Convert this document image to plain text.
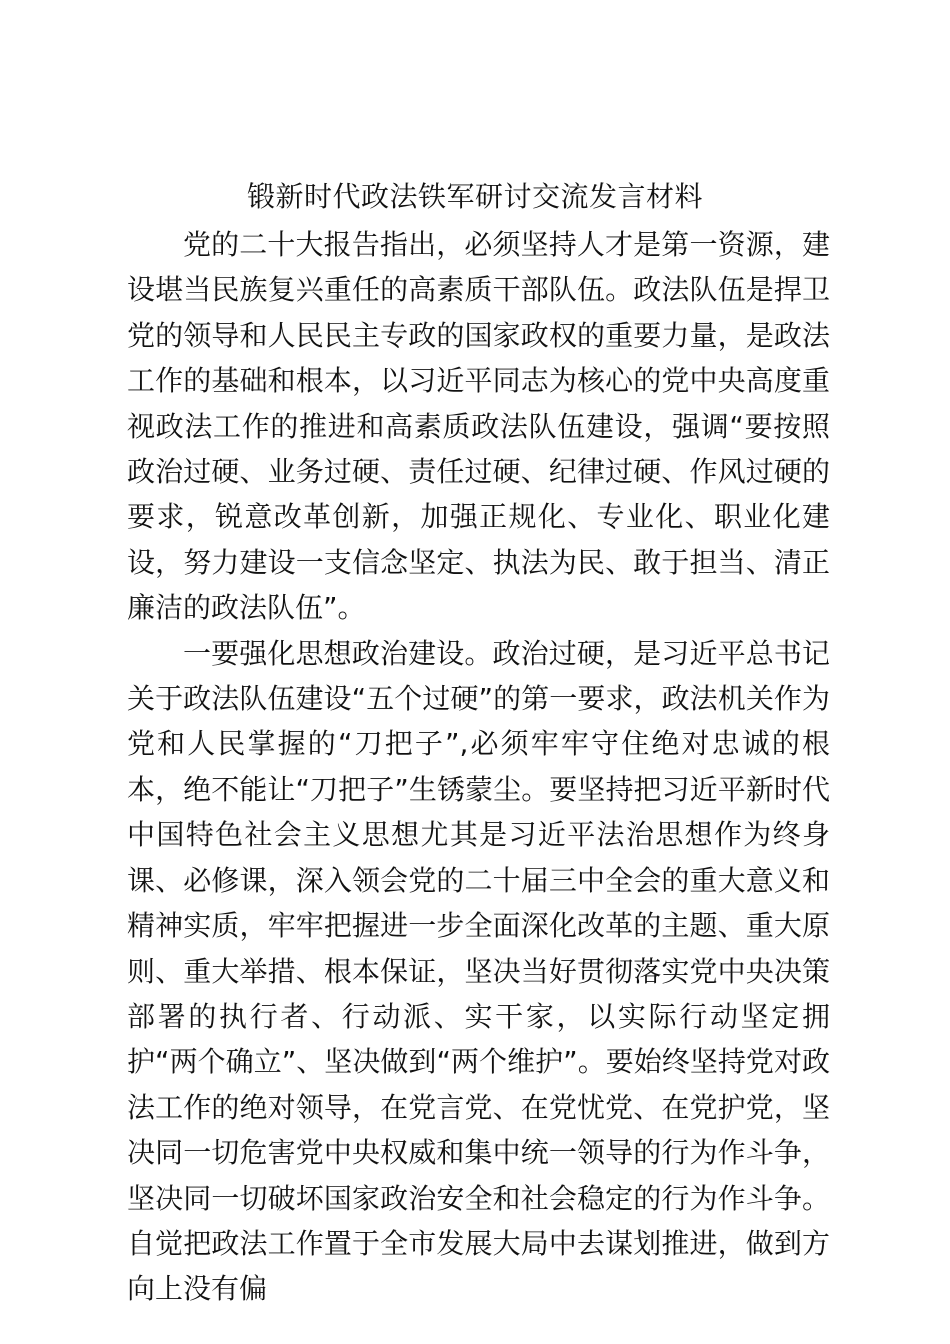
锻新时代政法铁军研讨交流发言材料

党的二十大报告指出，必须坚持人才是第一资源，建设堪当民族复兴重任的高素质干部队伍。政法队伍是捍卫党的领导和人民民主专政的国家政权的重要力量，是政法工作的基础和根本，以习近平同志为核心的党中央高度重视政法工作的推进和高素质政法队伍建设，强调“要按照政治过硬、业务过硬、责任过硬、纪律过硬、作风过硬的要求，锐意改革创新，加强正规化、专业化、职业化建设，努力建设一支信念坚定、执法为民、敢于担当、清正廉洁的政法队伍”。

一要强化思想政治建设。政治过硬，是习近平总书记关于政法队伍建设“五个过硬”的第一要求，政法机关作为党和人民掌握的“刀把子”,必须牢牢守住绝对忠诚的根本，绝不能让“刀把子”生锈蒙尘。要坚持把习近平新时代中国特色社会主义思想尤其是习近平法治思想作为终身课、必修课，深入领会党的二十届三中全会的重大意义和精神实质，牢牢把握进一步全面深化改革的主题、重大原则、重大举措、根本保证，坚决当好贯彻落实党中央决策部署的执行者、行动派、实干家，以实际行动坚定拥护“两个确立”、坚决做到“两个维护”。要始终坚持党对政法工作的绝对领导，在党言党、在党忧党、在党护党，坚决同一切危害党中央权威和集中统一领导的行为作斗争，坚决同一切破坏国家政治安全和社会稳定的行为作斗争。自觉把政法工作置于全市发展大局中去谋划推进，做到方向上没有偏
